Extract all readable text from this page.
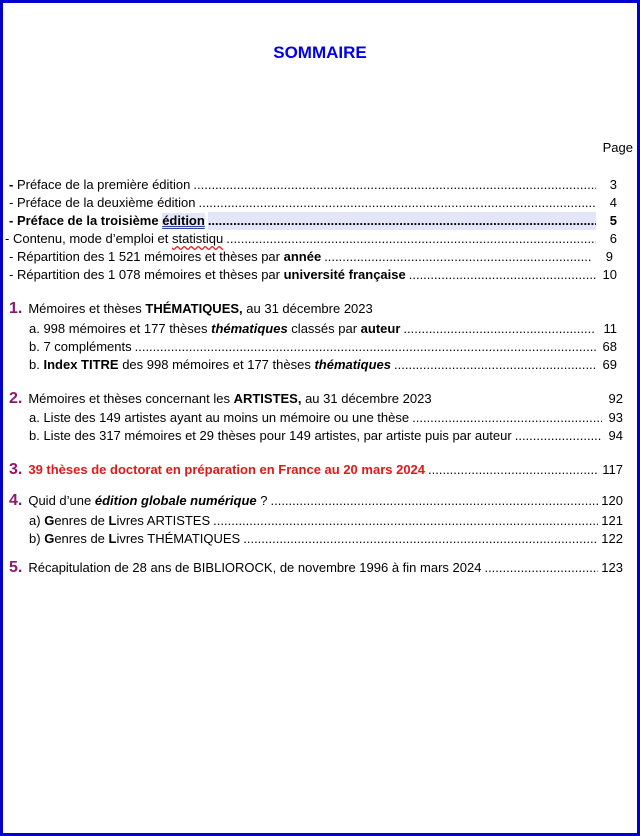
SOMMAIRE
Page
- Préface de la première édition .....	3
- Préface de la deuxième édition .....	4
- Préface de la troisième édition .....	5
- Contenu, mode d’emploi et statistiqu .....	6
- Répartition des 1 521 mémoires et thèses par année .....	9
- Répartition des 1 078 mémoires et thèses par université française .....	10
1. Mémoires et thèses THÉMATIQUES, au 31 décembre 2023
a. 998 mémoires et 177 thèses thématiques classés par auteur .....	11
b. 7 compléments .....	68
b. Index TITRE des 998 mémoires et 177 thèses thématiques .....	69
2. Mémoires et thèses concernant les ARTISTES, au 31 décembre 2023	92
a. Liste des 149 artistes ayant au moins un mémoire ou une thèse .....	93
b. Liste des 317 mémoires et 29 thèses pour 149 artistes, par artiste puis par auteur .....	94
3. 39 thèses de doctorat en préparation en France au 20 mars 2024 .....	117
4. Quid d’une édition globale numérique ? .....	120
a) Genres de Livres ARTISTES .....	121
b) Genres de Livres THÉMATIQUES .....	122
5. Récapitulation de 28 ans de BIBLIOROCK, de novembre 1996 à fin mars 2024 .....	123
